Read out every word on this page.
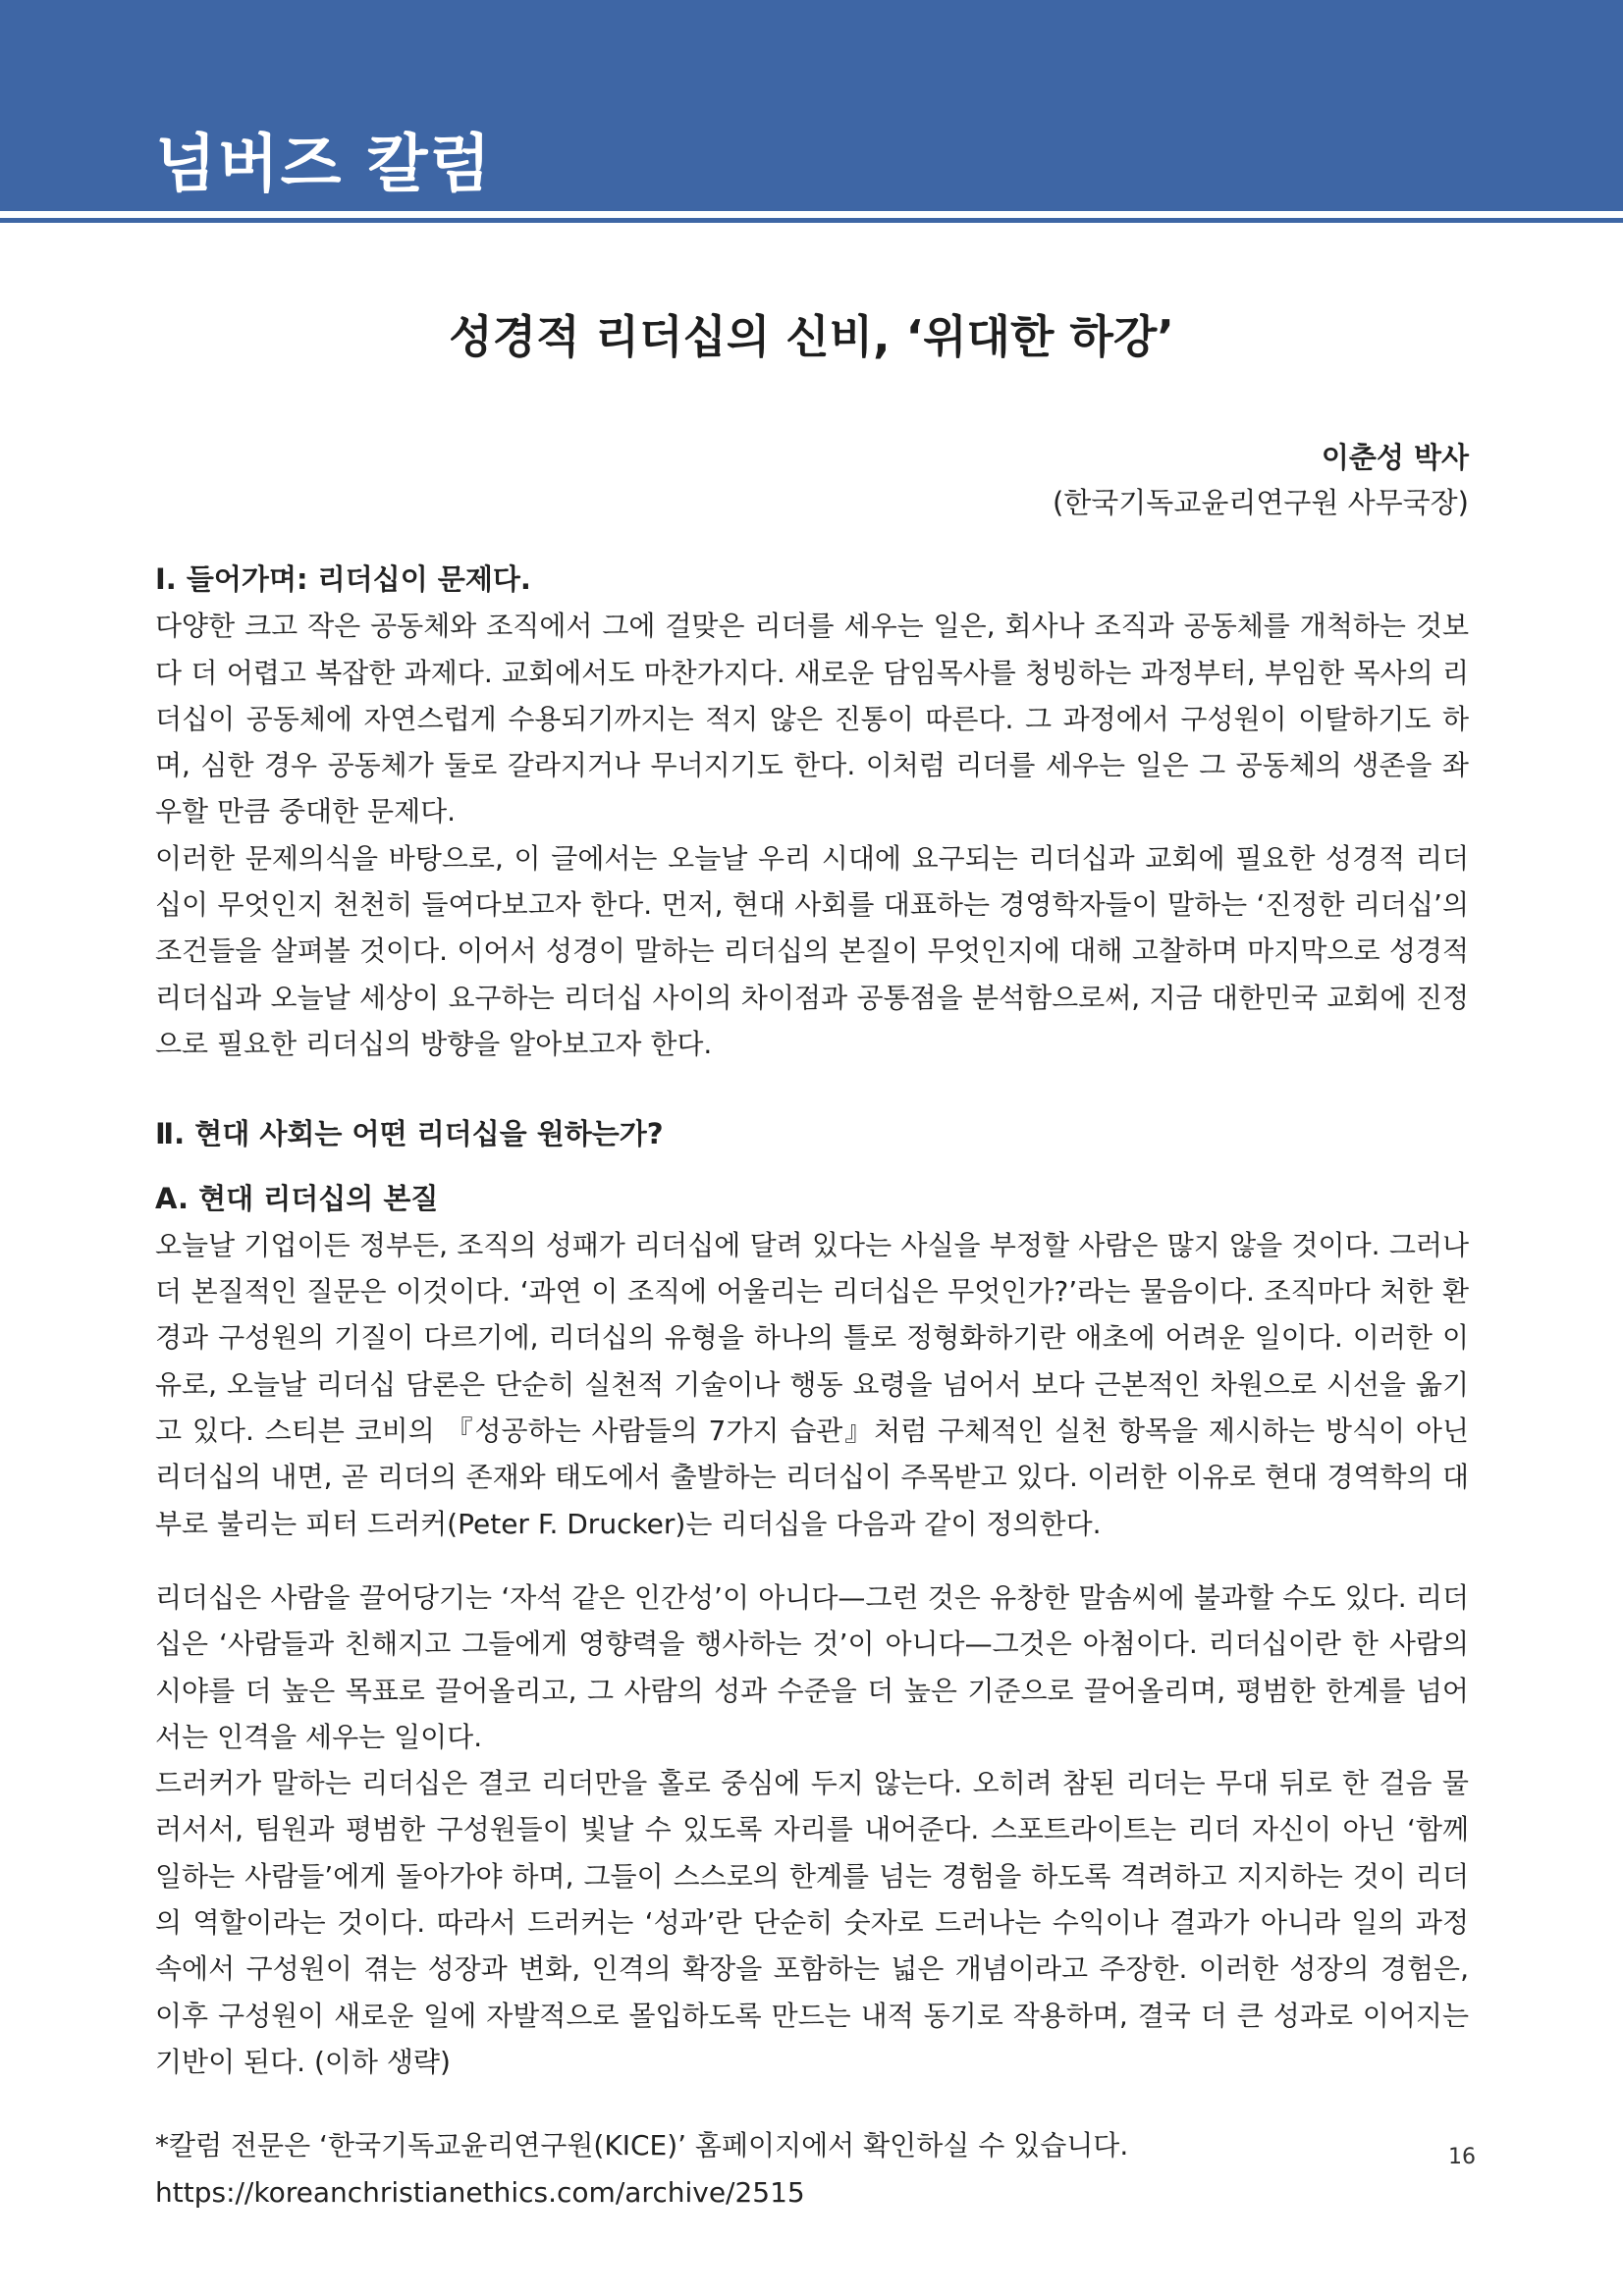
넘버즈 칼럼
성경적 리더십의 신비, ‘위대한 하강’
이춘성 박사
(한국기독교윤리연구원 사무국장)
Ⅰ. 들어가며: 리더십이 문제다.
다양한 크고 작은 공동체와 조직에서 그에 걸맞은 리더를 세우는 일은, 회사나 조직과 공동체를 개척하는 것보다 더 어렵고 복잡한 과제다. 교회에서도 마찬가지다. 새로운 담임목사를 청빙하는 과정부터, 부임한 목사의 리더십이 공동체에 자연스럽게 수용되기까지는 적지 않은 진통이 따른다. 그 과정에서 구성원이 이탈하기도 하며, 심한 경우 공동체가 둘로 갈라지거나 무너지기도 한다. 이처럼 리더를 세우는 일은 그 공동체의 생존을 좌우할 만큼 중대한 문제다.
이러한 문제의식을 바탕으로, 이 글에서는 오늘날 우리 시대에 요구되는 리더십과 교회에 필요한 성경적 리더십이 무엇인지 천천히 들여다보고자 한다. 먼저, 현대 사회를 대표하는 경영학자들이 말하는 ‘진정한 리더십’의 조건들을 살펴볼 것이다. 이어서 성경이 말하는 리더십의 본질이 무엇인지에 대해 고찰하며 마지막으로 성경적 리더십과 오늘날 세상이 요구하는 리더십 사이의 차이점과 공통점을 분석함으로써, 지금 대한민국 교회에 진정으로 필요한 리더십의 방향을 알아보고자 한다.
Ⅱ. 현대 사회는 어떤 리더십을 원하는가?
A. 현대 리더십의 본질
오늘날 기업이든 정부든, 조직의 성패가 리더십에 달려 있다는 사실을 부정할 사람은 많지 않을 것이다. 그러나 더 본질적인 질문은 이것이다. ‘과연 이 조직에 어울리는 리더십은 무엇인가?’라는 물음이다. 조직마다 처한 환경과 구성원의 기질이 다르기에, 리더십의 유형을 하나의 틀로 정형화하기란 애초에 어려운 일이다. 이러한 이유로, 오늘날 리더십 담론은 단순히 실천적 기술이나 행동 요령을 넘어서 보다 근본적인 차원으로 시선을 옮기고 있다. 스티븐 코비의 『성공하는 사람들의 7가지 습관』처럼 구체적인 실천 항목을 제시하는 방식이 아닌 리더십의 내면, 곧 리더의 존재와 태도에서 출발하는 리더십이 주목받고 있다. 이러한 이유로 현대 경역학의 대부로 불리는 피터 드러커(Peter F. Drucker)는 리더십을 다음과 같이 정의한다.
리더십은 사람을 끌어당기는 ‘자석 같은 인간성’이 아니다—그런 것은 유창한 말솜씨에 불과할 수도 있다. 리더십은 ‘사람들과 친해지고 그들에게 영향력을 행사하는 것’이 아니다—그것은 아첨이다. 리더십이란 한 사람의 시야를 더 높은 목표로 끌어올리고, 그 사람의 성과 수준을 더 높은 기준으로 끌어올리며, 평범한 한계를 넘어서는 인격을 세우는 일이다.
드러커가 말하는 리더십은 결코 리더만을 홀로 중심에 두지 않는다. 오히려 참된 리더는 무대 뒤로 한 걸음 물러서서, 팀원과 평범한 구성원들이 빛날 수 있도록 자리를 내어준다. 스포트라이트는 리더 자신이 아닌 ‘함께 일하는 사람들’에게 돌아가야 하며, 그들이 스스로의 한계를 넘는 경험을 하도록 격려하고 지지하는 것이 리더의 역할이라는 것이다. 따라서 드러커는 ‘성과’란 단순히 숫자로 드러나는 수익이나 결과가 아니라 일의 과정 속에서 구성원이 겪는 성장과 변화, 인격의 확장을 포함하는 넓은 개념이라고 주장한. 이러한 성장의 경험은, 이후 구성원이 새로운 일에 자발적으로 몰입하도록 만드는 내적 동기로 작용하며, 결국 더 큰 성과로 이어지는 기반이 된다. (이하 생략)
*칼럼 전문은 ‘한국기독교윤리연구원(KICE)’ 홈페이지에서 확인하실 수 있습니다.
https://koreanchristianethics.com/archive/2515
16
